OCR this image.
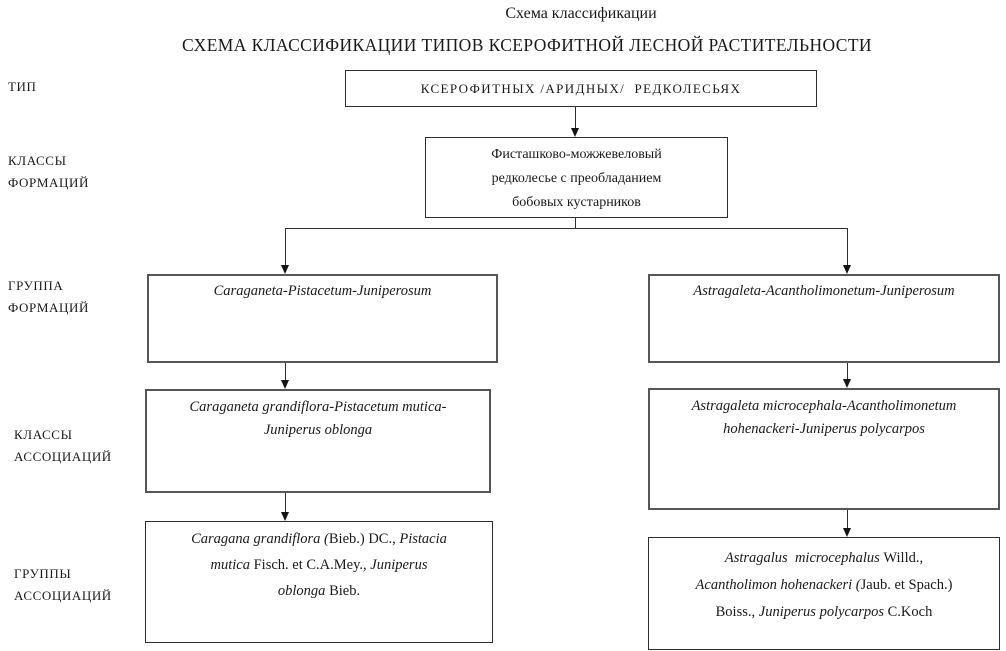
Схема классификации
СХЕМА КЛАССИФИКАЦИИ ТИПОВ КСЕРОФИТНОЙ ЛЕСНОЙ РАСТИТЕЛЬНОСТИ
ТИП
КЛАССЫ
ФОРМАЦИЙ
ГРУППА
ФОРМАЦИЙ
КЛАССЫ
АССОЦИАЦИЙ
ГРУППЫ
АССОЦИАЦИЙ
КСЕРОФИТНЫХ /АРИДНЫХ/  РЕДКОЛЕСЬЯХ
Фисташково-можжевеловый
редколесье с преобладанием
бобовых кустарников
Caraganeta-Pistacetum-Juniperosum	Astragaleta-Acantholimonetum-Juniperosum
Caraganeta grandiflora-Pistacetum mutica-
Juniperus oblonga
Astragaleta microcephala-Acantholimonetum
hohenackeri-Juniperus polycarpos
Caragana grandiflora (Bieb.) DC., Pistacia
mutica Fisch. et C.A.Mey., Juniperus
oblonga Bieb.
Astragalus  microcephalus Willd.,
Acantholimon hohenackeri (Jaub. et Spach.)
Boiss., Juniperus polycarpos C.Koch
